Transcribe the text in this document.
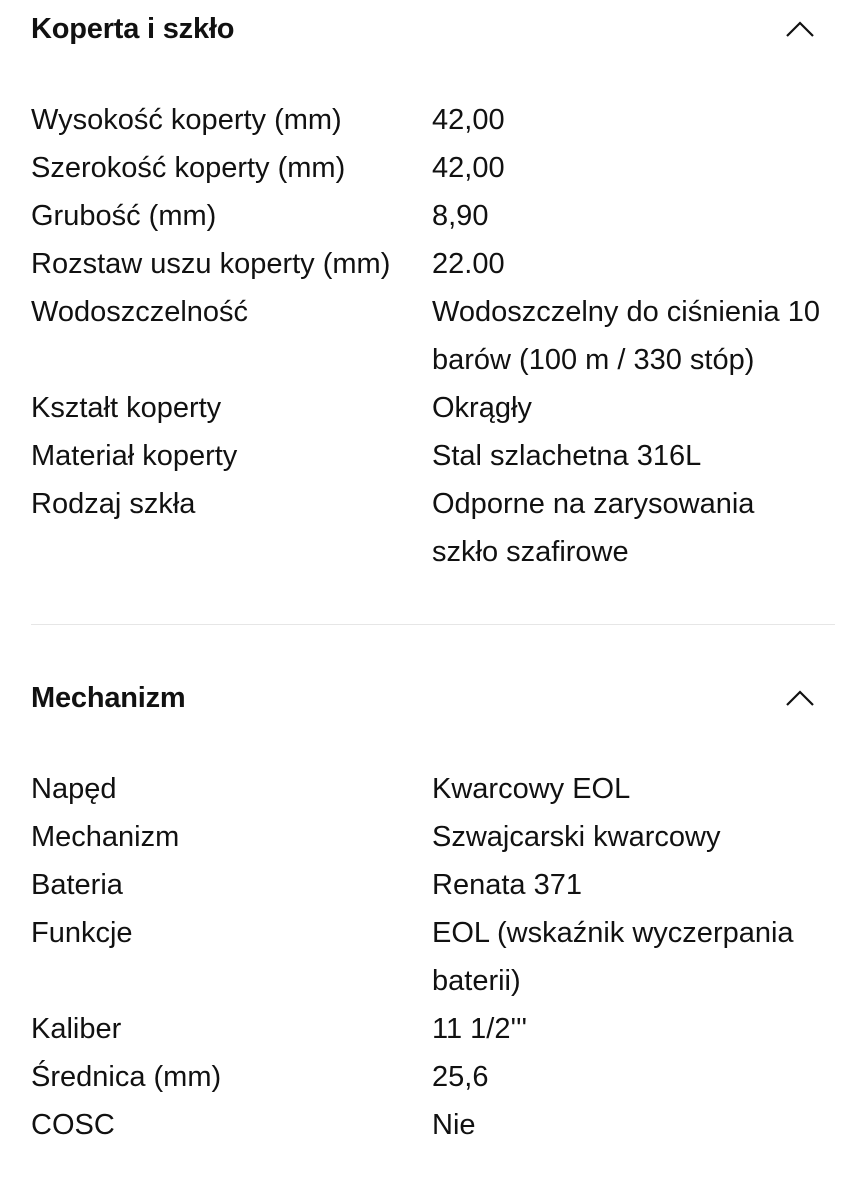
Koperta i szkło
Wysokość koperty (mm)	42,00
Szerokość koperty (mm)	42,00
Grubość (mm)	8,90
Rozstaw uszu koperty (mm)	22.00
Wodoszczelność	Wodoszczelny do ciśnienia 10 barów (100 m / 330 stóp)
Kształt koperty	Okrągły
Materiał koperty	Stal szlachetna 316L
Rodzaj szkła	Odporne na zarysowania szkło szafirowe
Mechanizm
Napęd	Kwarcowy EOL
Mechanizm	Szwajcarski kwarcowy
Bateria	Renata 371
Funkcje	EOL (wskaźnik wyczerpania baterii)
Kaliber	11 1/2'''
Średnica (mm)	25,6
COSC	Nie
